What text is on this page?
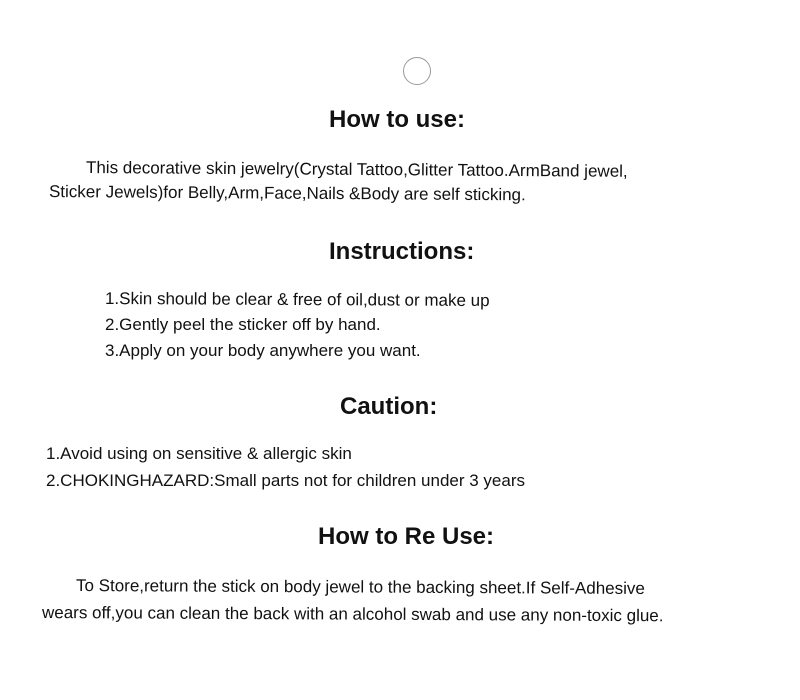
How to use:
This decorative skin jewelry(Crystal Tattoo,Glitter Tattoo.ArmBand jewel,
Sticker Jewels)for Belly,Arm,Face,Nails &Body are self sticking.
Instructions:
1.Skin should be clear & free of oil,dust or make up
2.Gently peel the sticker off by hand.
3.Apply on your body anywhere you want.
Caution:
1.Avoid using on sensitive & allergic skin
2.CHOKINGHAZARD:Small parts not for children under 3 years
How to Re Use:
To Store,return the stick on body jewel to the backing sheet.If Self-Adhesive
wears off,you can clean the back with an alcohol swab and use any non-toxic glue.
